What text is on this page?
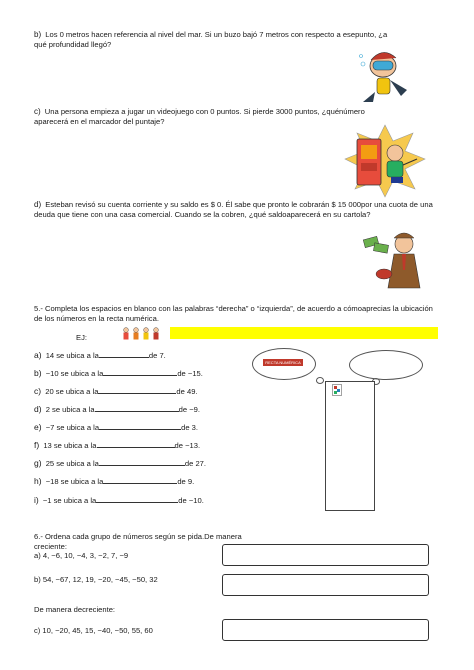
b) Los 0 metros hacen referencia al nivel del mar. Si un buzo bajó 7 metros con respecto a esepunto, ¿a qué profundidad llegó?
c) Una persona empieza a jugar un videojuego con 0 puntos. Si pierde 3000 puntos, ¿quénúmero aparecerá en el marcador del puntaje?
d) Esteban revisó su cuenta corriente y su saldo es $ 0. Él sabe que pronto le cobrarán $ 15 000por una cuota de una deuda que tiene con una casa comercial. Cuando se la cobren, ¿qué saldoaparecerá en su cartola?
5.- Completa los espacios en blanco con las palabras “derecha” o “izquierda”, de acuerdo a cómoaprecias la ubicación de los números en la recta numérica.
EJ:
a) 14 se ubica a la	de 7.
b) −10 se ubica a la	de −15.
c) 20 se ubica a la	de 49.
d) 2 se ubica a la	de −9.
e) −7 se ubica a la	de 3.
f) 13 se ubica a la	de −13.
g) 25 se ubica a la	de 27.
h) −18 se ubica a la	de 9.
i) −1 se ubica a la	de −10.
RECTA NUMÉRICA
6.- Ordena cada grupo de números según se pida.De manera creciente:
a) 4, −6, 10, −4, 3, −2, 7, −9
b) 54, −67, 12, 19, −20, −45, −50, 32
De manera decreciente:
c) 10, −20, 45, 15, −40, −50, 55, 60
